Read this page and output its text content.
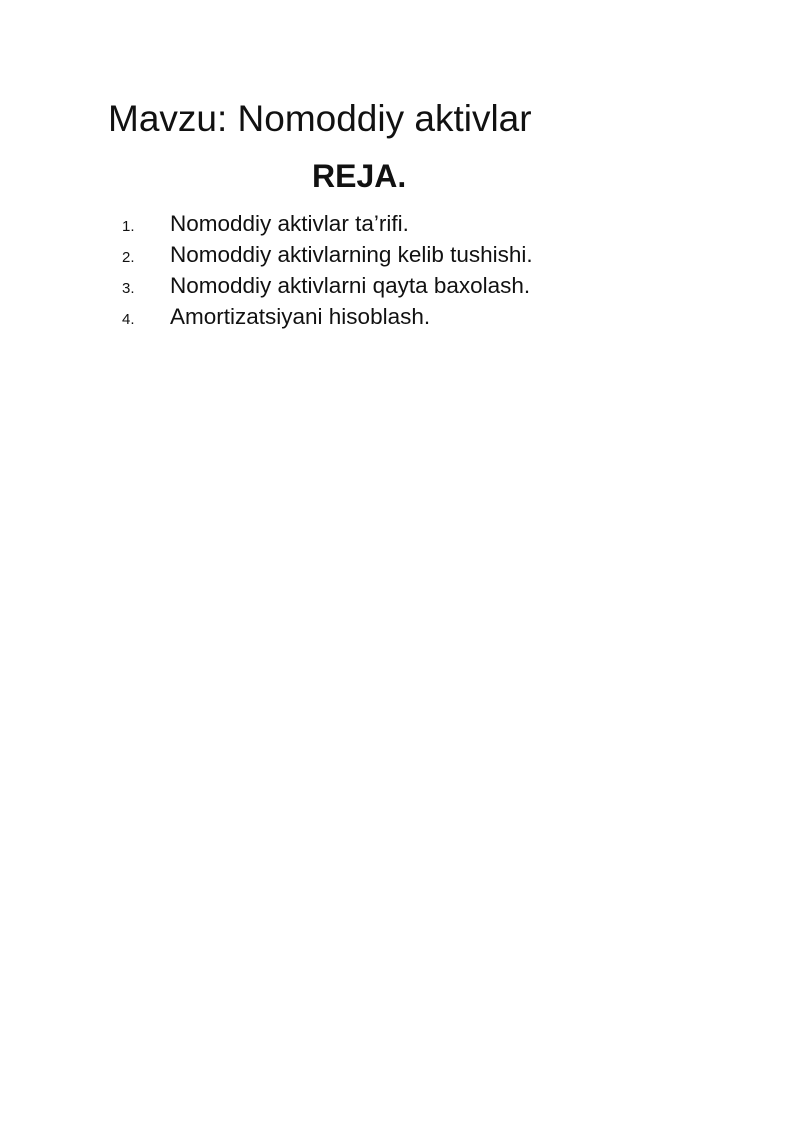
Mavzu: Nomoddiy aktivlar
REJA.
1. Nomoddiy aktivlar ta’rifi.
2. Nomoddiy aktivlarning kelib tushishi.
3. Nomoddiy aktivlarni qayta baxolash.
4. Amortizatsiyani hisoblash.
